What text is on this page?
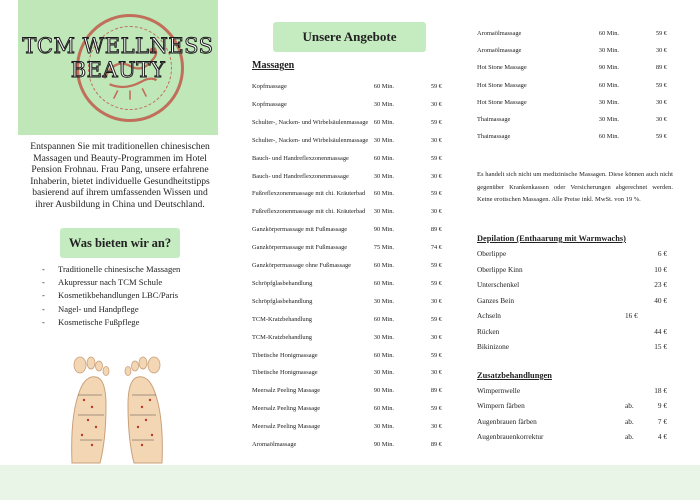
TCM WELLNESS
BEAUTY
Entspannen Sie mit traditionellen chinesischen Massagen und Beauty-Programmen im Hotel Pension Frohnau. Frau Pang, unsere erfahrene Inhaberin, bietet individuelle Gesundheitstipps basierend auf ihrem umfassenden Wissen und ihrer Ausbildung in China und Deutschland.
Was bieten wir an?
-	Traditionelle chinesische Massagen
-	Akupressur nach TCM Schule
-	Kosmetikbehandlungen LBC/Paris
-	Nagel- und Handpflege
-	Kosmetische Fußpflege
Unsere Angebote
Massagen
Kopfmassage	60 Min.	59 €
Kopfmassage	30 Min.	30 €
Schulter-, Nacken- und Wirbelsäulenmassage 60 Min.	59 €
Schulter-, Nacken- und Wirbelsäulenmassage 30 Min.	30 €
Bauch- und Handreflexzonenmassage	60 Min.	59 €
Bauch- und Handreflexzonenmassage	30 Min.	30 €
Fußreflexzonenmassage mit chi. Kräuterbad 60 Min.	59 €
Fußreflexzonenmassage mit chi. Kräuterbad 30 Min.	30 €
Ganzkörpermassage mit Fußmassage	90 Min.	89 €
Ganzkörpermassage mit Fußmassage	75 Min.	74 €
Ganzkörpermassage ohne Fußmassage	60 Min.	59 €
Schröpfglasbehandlung	60 Min.	59 €
Schröpfglasbehandlung	30 Min.	30 €
TCM-Kratzbehandlung	60 Min.	59 €
TCM-Kratzbehandlung	30 Min.	30 €
Tibetische Honigmassage	60 Min.	59 €
Tibetische Honigmassage	30 Min.	30 €
Meersalz Peeling Massage	90 Min.	89 €
Meersalz Peeling Massage	60 Min.	59 €
Meersalz Peeling Massage	30 Min.	30 €
Aromaölmassage	90 Min.	89 €
Aromaölmassage	60 Min.	59 €
Aromaölmassage	30 Min.	30 €
Hot Stone Massage	90 Min.	89 €
Hot Stone Massage	60 Min.	59 €
Hot Stone Massage	30 Min.	30 €
Thaimassage	30 Min.	30 €
Thaimassage	60 Min.	59 €
Es handelt sich nicht um medizinische Massagen. Diese können auch nicht gegenüber Krankenkassen oder Versicherungen abgerechnet werden. Keine erotischen Massagen. Alle Preise inkl. MwSt. von 19 %.
Depilation (Enthaarung mit Warmwachs)
Oberlippe	6 €
Oberlippe Kinn	10 €
Unterschenkel	23 €
Ganzes Bein	40 €
Achseln	16 €
Rücken	44 €
Bikinizone	15 €
Zusatzbehandlungen
Wimpernwelle	18 €
Wimpern färben	ab.	9 €
Augenbrauen färben	ab.	7 €
Augenbrauenkorrektur	ab.	4 €
